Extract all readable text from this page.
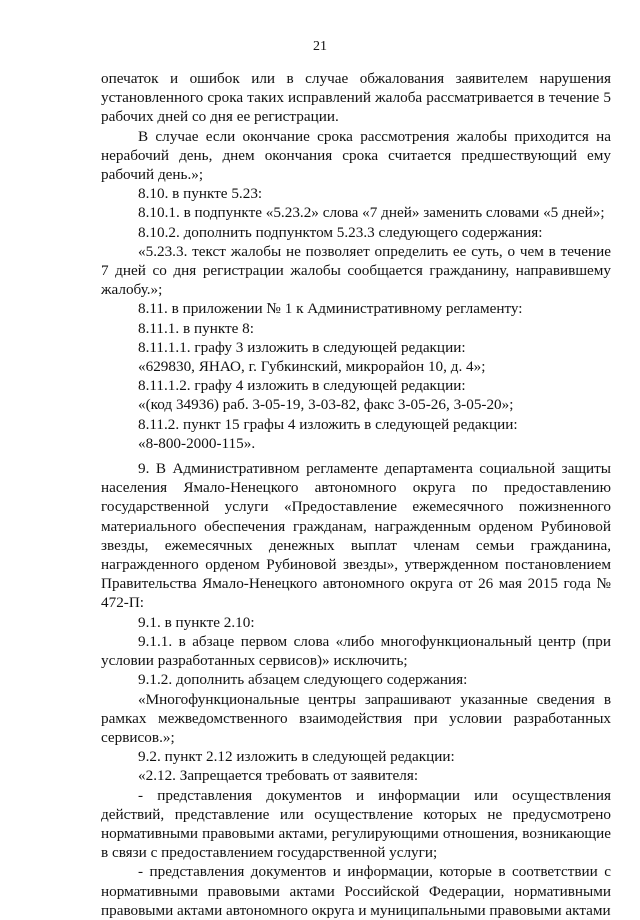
21

опечаток и ошибок или в случае обжалования заявителем нарушения установленного срока таких исправлений жалоба рассматривается в течение 5 рабочих дней со дня ее регистрации.

В случае если окончание срока рассмотрения жалобы приходится на нерабочий день, днем окончания срока считается предшествующий ему рабочий день.»;

8.10. в пункте 5.23:

8.10.1. в подпункте «5.23.2» слова «7 дней» заменить словами «5 дней»;

8.10.2. дополнить подпунктом 5.23.3 следующего содержания:

«5.23.3. текст жалобы не позволяет определить ее суть, о чем в течение 7 дней со дня регистрации жалобы сообщается гражданину, направившему жалобу.»;

8.11. в приложении № 1 к Административному регламенту:

8.11.1. в пункте 8:

8.11.1.1. графу 3 изложить в следующей редакции:

«629830, ЯНАО, г. Губкинский, микрорайон 10, д. 4»;

8.11.1.2. графу 4 изложить в следующей редакции:

«(код 34936) раб. 3-05-19, 3-03-82, факс 3-05-26, 3-05-20»;

8.11.2. пункт 15 графы 4 изложить в следующей редакции:

«8-800-2000-115».

9. В Административном регламенте департамента социальной защиты населения Ямало-Ненецкого автономного округа по предоставлению государственной услуги «Предоставление ежемесячного пожизненного материального обеспечения гражданам, награжденным орденом Рубиновой звезды, ежемесячных денежных выплат членам семьи гражданина, награжденного орденом Рубиновой звезды», утвержденном постановлением Правительства Ямало-Ненецкого автономного округа от 26 мая 2015 года № 472-П:

9.1. в пункте 2.10:

9.1.1. в абзаце первом слова «либо многофункциональный центр (при условии разработанных сервисов)» исключить;

9.1.2. дополнить абзацем следующего содержания:

«Многофункциональные центры запрашивают указанные сведения в рамках межведомственного взаимодействия при условии разработанных сервисов.»;

9.2. пункт 2.12 изложить в следующей редакции:

«2.12. Запрещается требовать от заявителя:

- представления документов и информации или осуществления действий, представление или осуществление которых не предусмотрено нормативными правовыми актами, регулирующими отношения, возникающие в связи с предоставлением государственной услуги;

- представления документов и информации, которые в соответствии с нормативными правовыми актами Российской Федерации, нормативными правовыми актами автономного округа и муниципальными правовыми актами
